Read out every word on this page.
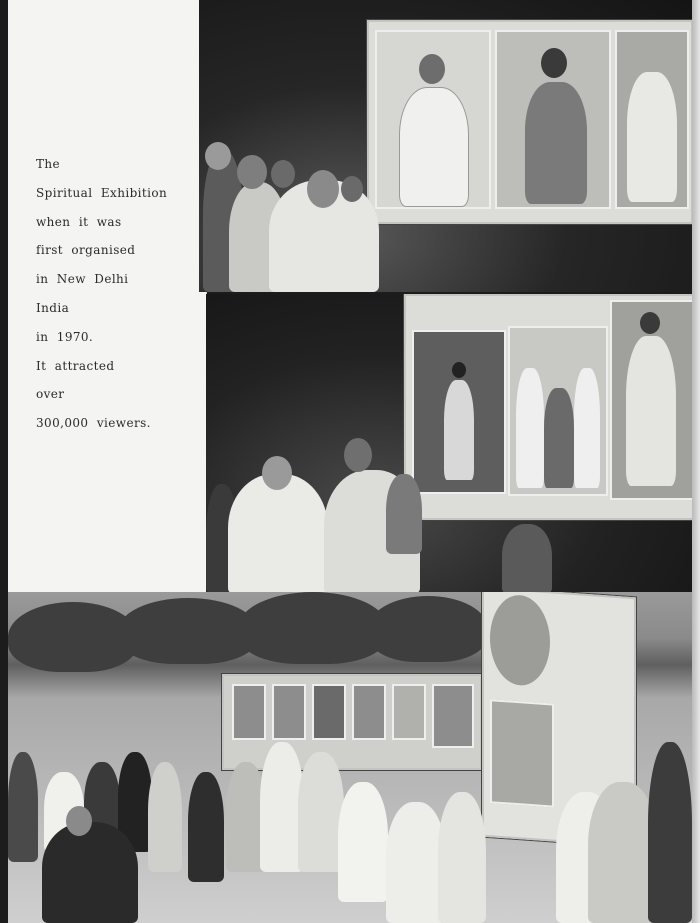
The
Spiritual  Exhibition
when  it  was
first  organised
in  New  Delhi
India
in  1970.
It  attracted
over
300,000  viewers.
